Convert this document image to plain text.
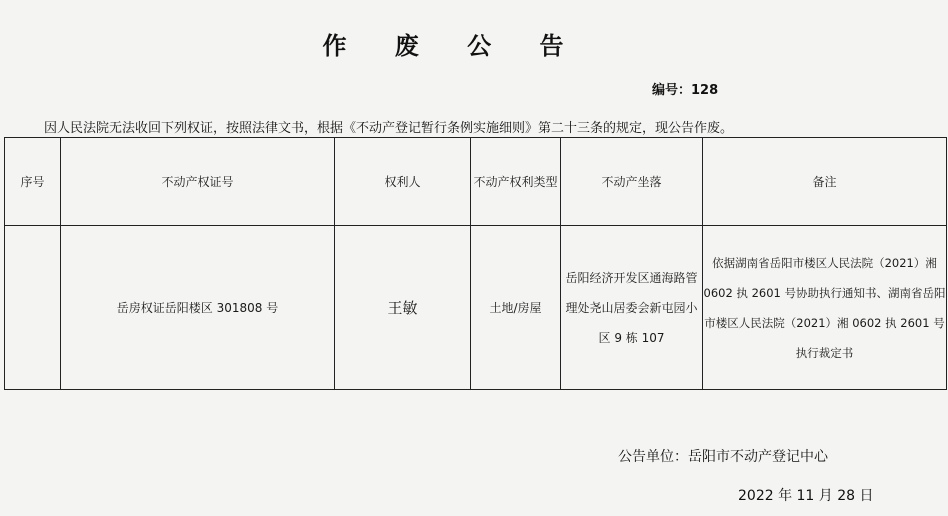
作 废 公 告
编号：128
因人民法院无法收回下列权证，按照法律文书，根据《不动产登记暂行条例实施细则》第二十三条的规定，现公告作废。
序号	不动产权证号	权利人	不动产权利类型	不动产坐落	备注
	岳房权证岳阳楼区 301808 号	王敏	土地/房屋	岳阳经济开发区通海路管理处尧山居委会新屯园小区 9 栋 107	依据湖南省岳阳市楼区人民法院（2021）湘 0602 执 2601 号协助执行通知书、湖南省岳阳市楼区人民法院（2021）湘 0602 执 2601 号执行裁定书
公告单位：岳阳市不动产登记中心
2022 年 11 月 28 日
